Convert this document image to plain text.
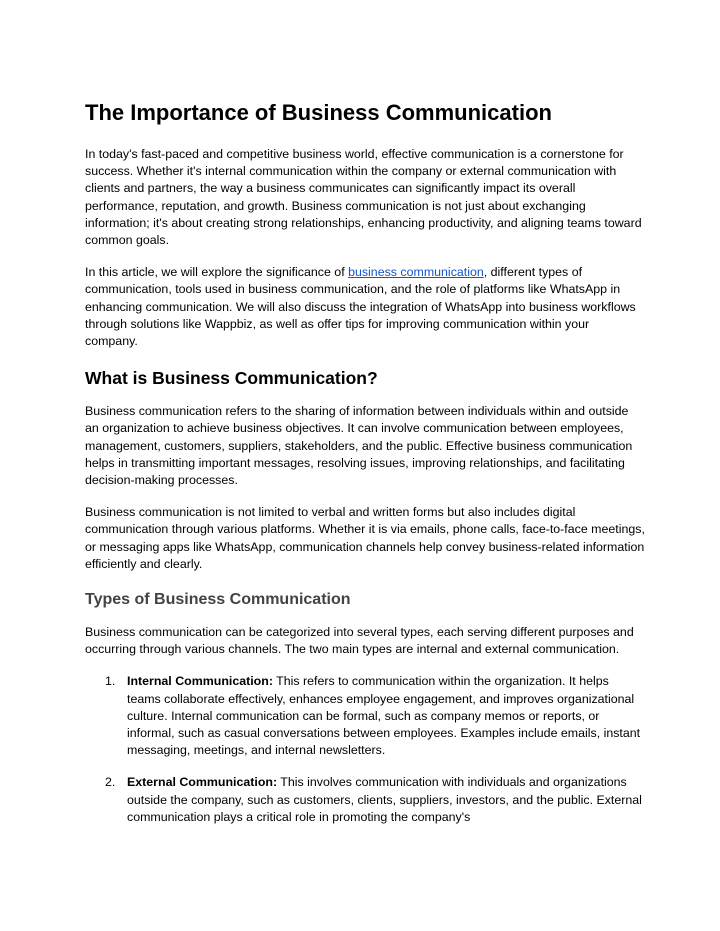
The Importance of Business Communication

In today's fast-paced and competitive business world, effective communication is a cornerstone for success. Whether it's internal communication within the company or external communication with clients and partners, the way a business communicates can significantly impact its overall performance, reputation, and growth. Business communication is not just about exchanging information; it's about creating strong relationships, enhancing productivity, and aligning teams toward common goals.

In this article, we will explore the significance of business communication, different types of communication, tools used in business communication, and the role of platforms like WhatsApp in enhancing communication. We will also discuss the integration of WhatsApp into business workflows through solutions like Wappbiz, as well as offer tips for improving communication within your company.

What is Business Communication?

Business communication refers to the sharing of information between individuals within and outside an organization to achieve business objectives. It can involve communication between employees, management, customers, suppliers, stakeholders, and the public. Effective business communication helps in transmitting important messages, resolving issues, improving relationships, and facilitating decision-making processes.

Business communication is not limited to verbal and written forms but also includes digital communication through various platforms. Whether it is via emails, phone calls, face-to-face meetings, or messaging apps like WhatsApp, communication channels help convey business-related information efficiently and clearly.

Types of Business Communication

Business communication can be categorized into several types, each serving different purposes and occurring through various channels. The two main types are internal and external communication.

1. Internal Communication: This refers to communication within the organization. It helps teams collaborate effectively, enhances employee engagement, and improves organizational culture. Internal communication can be formal, such as company memos or reports, or informal, such as casual conversations between employees. Examples include emails, instant messaging, meetings, and internal newsletters.
2. External Communication: This involves communication with individuals and organizations outside the company, such as customers, clients, suppliers, investors, and the public. External communication plays a critical role in promoting the company's
